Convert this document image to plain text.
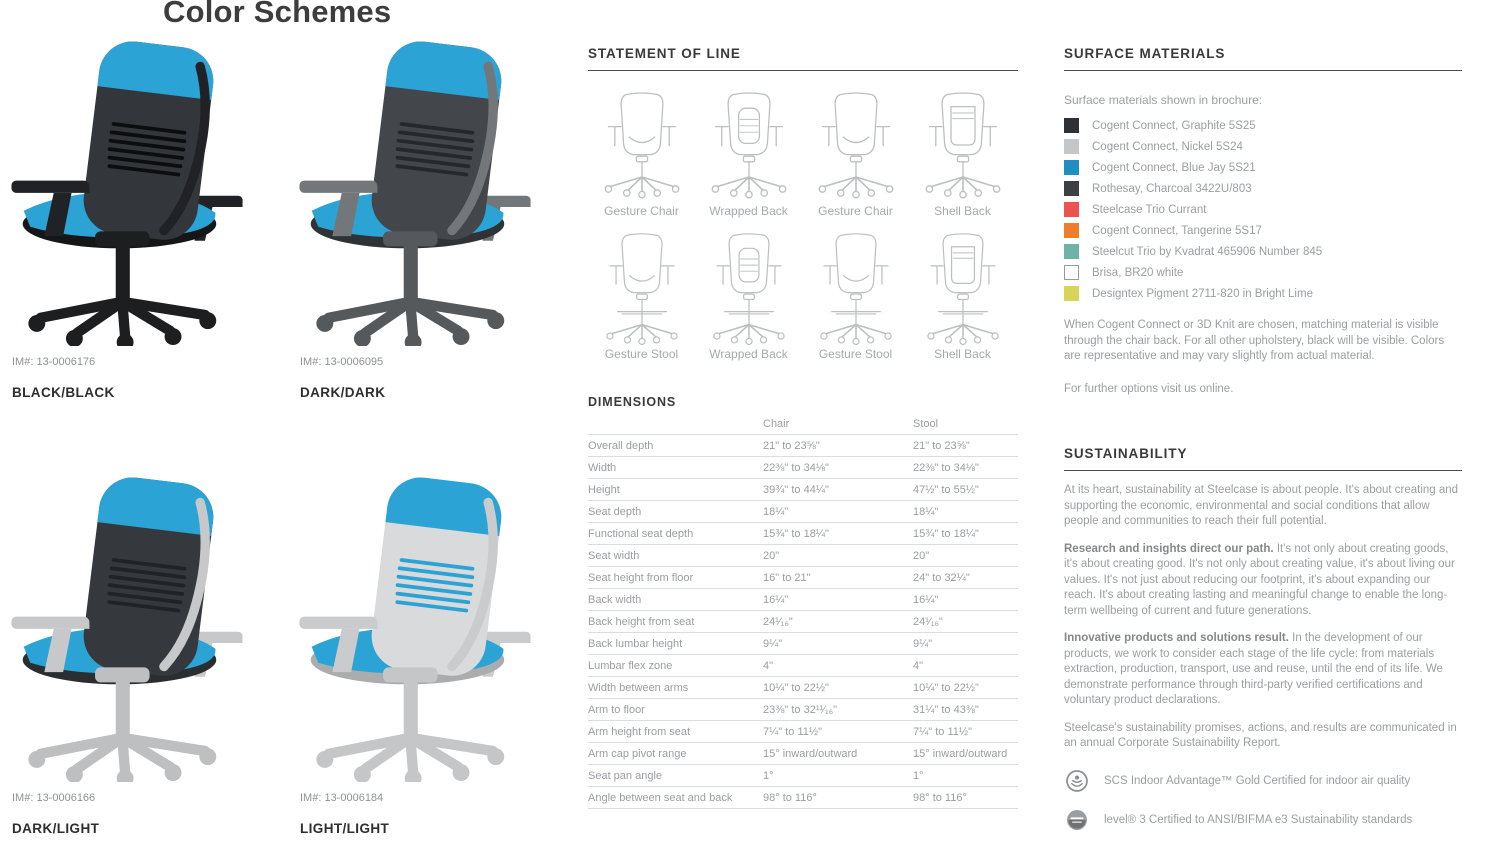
Color Schemes
IM#: 13-0006176
BLACK/BLACK
IM#: 13-0006095
DARK/DARK
IM#: 13-0006166
DARK/LIGHT
IM#: 13-0006184
LIGHT/LIGHT
STATEMENT OF LINE
Gesture Chair	Wrapped Back	Gesture Chair	Shell Back
Gesture Stool	Wrapped Back	Gesture Stool	Shell Back
DIMENSIONS
	Chair	Stool
Overall depth	21" to 23⅝"	21" to 23⅝"
Width	22⅜" to 34⅛"	22⅜" to 34⅛"
Height	39¾" to 44¼"	47½" to 55½"
Seat depth	18¼"	18¼"
Functional seat depth	15¾" to 18¼"	15¾" to 18¼"
Seat width	20"	20"
Seat height from floor	16" to 21"	24" to 32¼"
Back width	16¼"	16¼"
Back height from seat	24¹⁄₁₆"	24¹⁄₁₆"
Back lumbar height	9¼"	9¼"
Lumbar flex zone	4"	4"
Width between arms	10¼" to 22½"	10¼" to 22½"
Arm to floor	23⅜" to 32¹¹⁄₁₆"	31¼" to 43⅜"
Arm height from seat	7¼" to 11½"	7¼" to 11½"
Arm cap pivot range	15° inward/outward	15° inward/outward
Seat pan angle	1°	1°
Angle between seat and back	98° to 116°	98° to 116°
SURFACE MATERIALS

Surface materials shown in brochure:

Cogent Connect, Graphite 5S25
Cogent Connect, Nickel 5S24
Cogent Connect, Blue Jay 5S21
Rothesay, Charcoal 3422U/803
Steelcase Trio Currant
Cogent Connect, Tangerine 5S17
Steelcut Trio by Kvadrat 465906 Number 845
Brisa, BR20 white
Designtex Pigment 2711-820 in Bright Lime

When Cogent Connect or 3D Knit are chosen, matching material is visible through the chair back. For all other upholstery, black will be visible. Colors are representative and may vary slightly from actual material.

For further options visit us online.

SUSTAINABILITY

At its heart, sustainability at Steelcase is about people. It's about creating and supporting the economic, environmental and social conditions that allow people and communities to reach their full potential.

Research and insights direct our path. It's not only about creating goods, it's about creating good. It's not only about creating value, it's about living our values. It's not just about reducing our footprint, it's about expanding our reach. It's about creating lasting and meaningful change to enable the long-term wellbeing of current and future generations.

Innovative products and solutions result. In the development of our products, we work to consider each stage of the life cycle: from materials extraction, production, transport, use and reuse, until the end of its life. We demonstrate performance through third-party verified certifications and voluntary product declarations.

Steelcase's sustainability promises, actions, and results are communicated in an annual Corporate Sustainability Report.

SCS Indoor Advantage™ Gold Certified for indoor air quality
level® 3 Certified to ANSI/BIFMA e3 Sustainability standards
